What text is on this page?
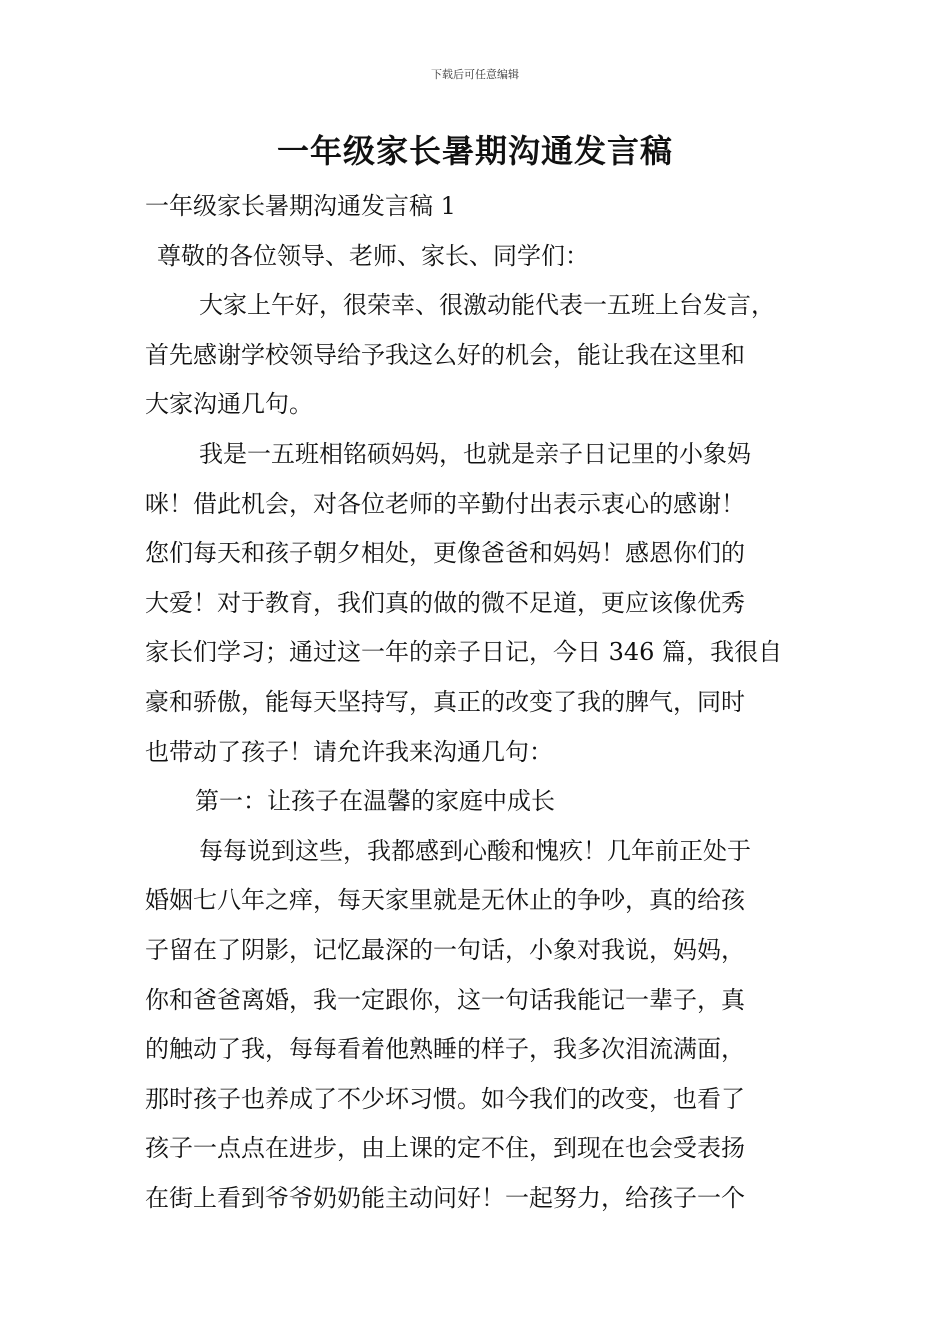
下载后可任意编辑
一年级家长暑期沟通发言稿
一年级家长暑期沟通发言稿 1
尊敬的各位领导、老师、家长、同学们：
大家上午好，很荣幸、很激动能代表一五班上台发言，
首先感谢学校领导给予我这么好的机会，能让我在这里和
大家沟通几句。
我是一五班相铭硕妈妈，也就是亲子日记里的小象妈
咪！借此机会，对各位老师的辛勤付出表示衷心的感谢！
您们每天和孩子朝夕相处，更像爸爸和妈妈！感恩你们的
大爱！对于教育，我们真的做的微不足道，更应该像优秀
家长们学习；通过这一年的亲子日记，今日 346 篇，我很自
豪和骄傲，能每天坚持写，真正的改变了我的脾气，同时
也带动了孩子！请允许我来沟通几句：
第一：让孩子在温馨的家庭中成长
每每说到这些，我都感到心酸和愧疚！几年前正处于
婚姻七八年之痒，每天家里就是无休止的争吵，真的给孩
子留在了阴影，记忆最深的一句话，小象对我说，妈妈，
你和爸爸离婚，我一定跟你，这一句话我能记一辈子，真
的触动了我，每每看着他熟睡的样子，我多次泪流满面，
那时孩子也养成了不少坏习惯。如今我们的改变，也看了
孩子一点点在进步，由上课的定不住，到现在也会受表扬
在街上看到爷爷奶奶能主动问好！一起努力，给孩子一个
